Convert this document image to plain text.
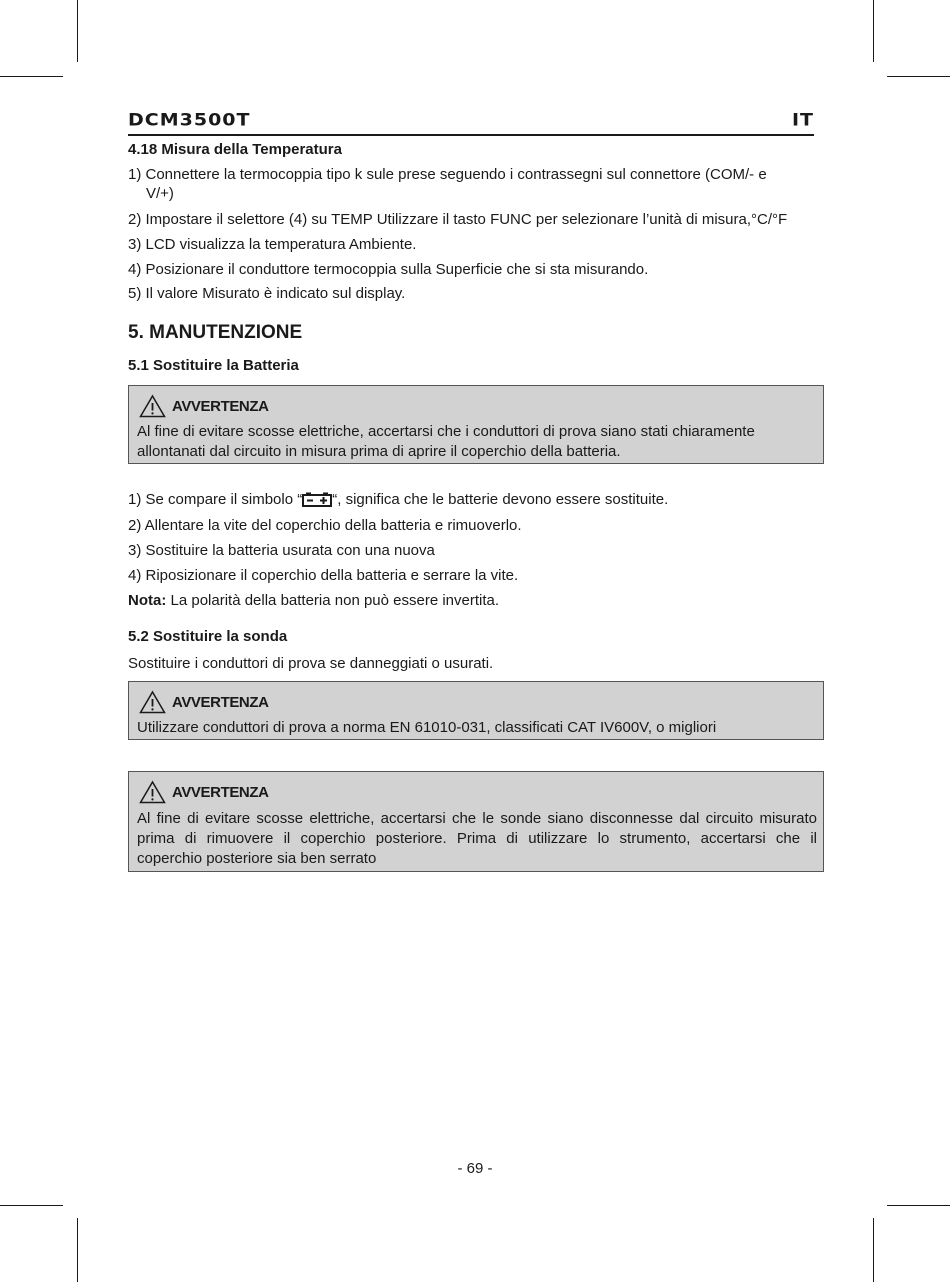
DCM3500T	IT
4.18 Misura della Temperatura
1) Connettere la termocoppia tipo k sule prese seguendo i contrassegni sul connettore (COM/- e
V/+)
2) Impostare il selettore (4) su TEMP Utilizzare il tasto FUNC per selezionare l’unità di misura,°C/°F
3) LCD visualizza la temperatura Ambiente.
4) Posizionare il conduttore termocoppia sulla Superficie che si sta misurando.
5) Il valore Misurato è indicato sul display.
5. MANUTENZIONE
5.1 Sostituire la Batteria
AVVERTENZA
Al fine di evitare scosse elettriche, accertarsi che i conduttori di prova siano stati chiaramente
allontanati dal circuito in misura prima di aprire il coperchio della batteria.
1) Se compare il simbolo “ “, significa che le batterie devono essere sostituite.
2) Allentare la vite del coperchio della batteria e rimuoverlo.
3) Sostituire la batteria usurata con una nuova
4) Riposizionare il coperchio della batteria e serrare la vite.
Nota: La polarità della batteria non può essere invertita.
5.2 Sostituire la sonda
Sostituire i conduttori di prova se danneggiati o usurati.
AVVERTENZA
Utilizzare conduttori di prova a norma EN 61010-031, classificati CAT IV600V, o migliori
AVVERTENZA
Al fine di evitare scosse elettriche, accertarsi che le sonde siano disconnesse dal circuito misurato
prima di rimuovere il coperchio posteriore. Prima di utilizzare lo strumento, accertarsi che il
coperchio posteriore sia ben serrato
- 69 -
